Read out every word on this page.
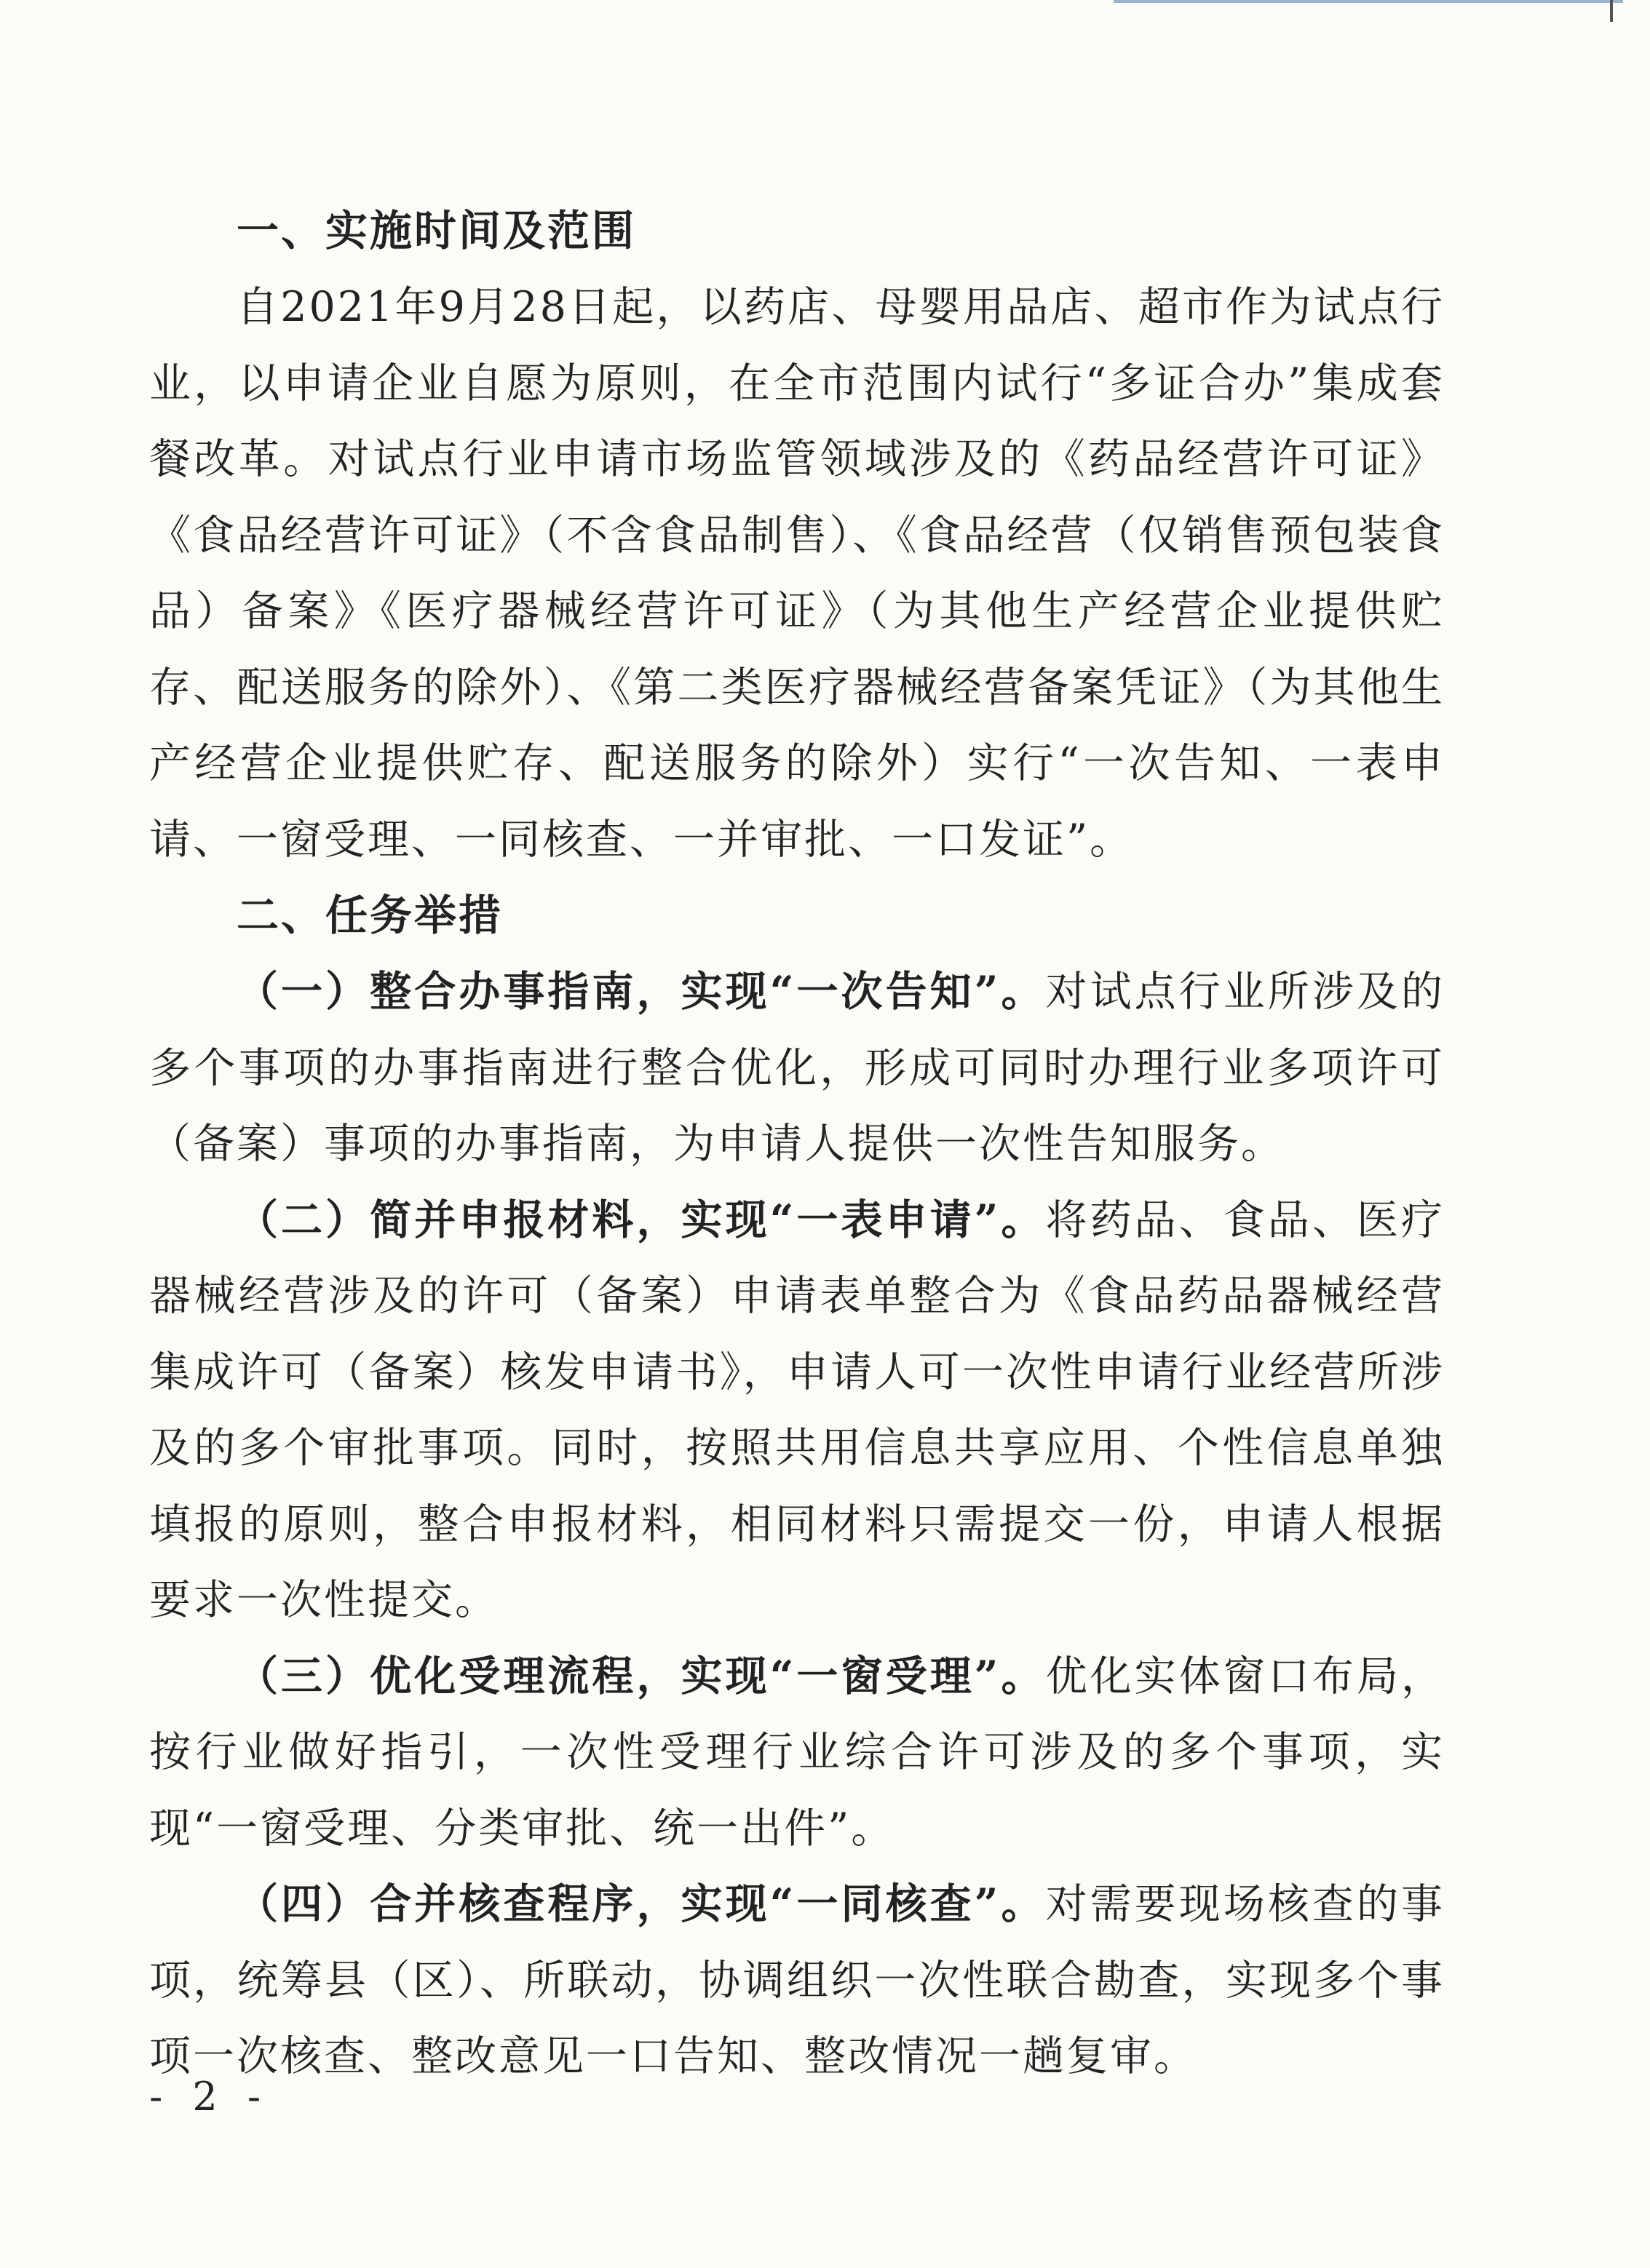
一、实施时间及范围

自2021年9月28日起，以药店、母婴用品店、超市作为试点行业，以申请企业自愿为原则，在全市范围内试行“多证合办”集成套餐改革。对试点行业申请市场监管领域涉及的《药品经营许可证》《食品经营许可证》（不含食品制售）、《食品经营（仅销售预包装食品）备案》《医疗器械经营许可证》（为其他生产经营企业提供贮存、配送服务的除外）、《第二类医疗器械经营备案凭证》（为其他生产经营企业提供贮存、配送服务的除外）实行“一次告知、一表申请、一窗受理、一同核查、一并审批、一口发证”。

二、任务举措

（一）整合办事指南，实现“一次告知”。对试点行业所涉及的多个事项的办事指南进行整合优化，形成可同时办理行业多项许可（备案）事项的办事指南，为申请人提供一次性告知服务。

（二）简并申报材料，实现“一表申请”。将药品、食品、医疗器械经营涉及的许可（备案）申请表单整合为《食品药品器械经营集成许可（备案）核发申请书》，申请人可一次性申请行业经营所涉及的多个审批事项。同时，按照共用信息共享应用、个性信息单独填报的原则，整合申报材料，相同材料只需提交一份，申请人根据要求一次性提交。

（三）优化受理流程，实现“一窗受理”。优化实体窗口布局，按行业做好指引，一次性受理行业综合许可涉及的多个事项，实现“一窗受理、分类审批、统一出件”。

（四）合并核查程序，实现“一同核查”。对需要现场核查的事项，统筹县（区）、所联动，协调组织一次性联合勘查，实现多个事项一次核查、整改意见一口告知、整改情况一趟复审。

- 2 -
